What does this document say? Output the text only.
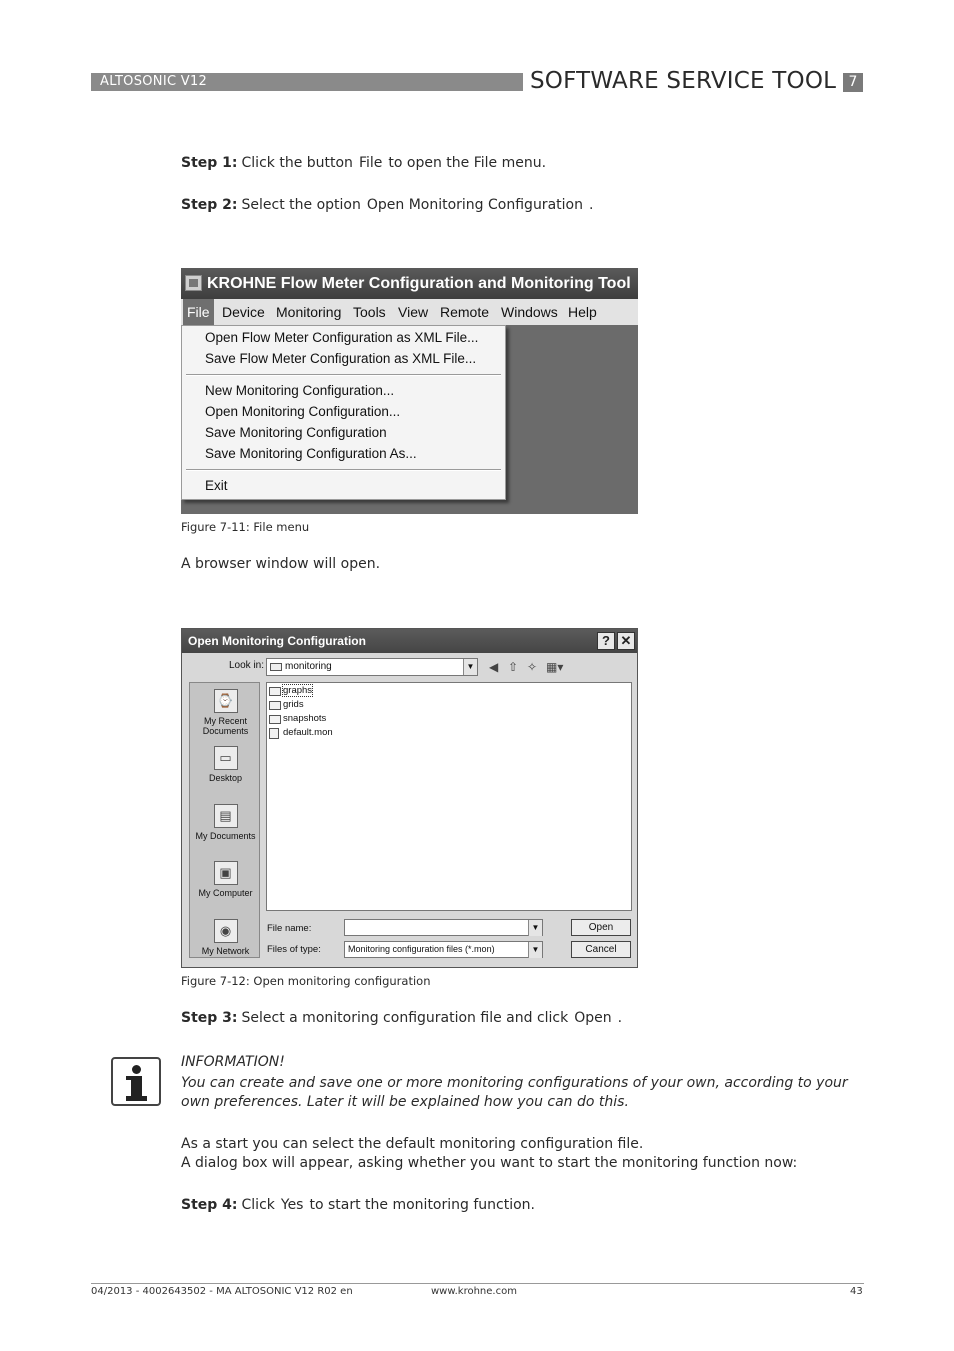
ALTOSONIC V12	SOFTWARE SERVICE TOOL 7
Step 1: Click the button File to open the File menu.
Step 2: Select the option Open Monitoring Configuration .
KROHNE Flow Meter Configuration and Monitoring Tool
File Device Monitoring Tools View Remote Windows Help
Open Flow Meter Configuration as XML File...
Save Flow Meter Configuration as XML File...
New Monitoring Configuration...
Open Monitoring Configuration...
Save Monitoring Configuration
Save Monitoring Configuration As...
Exit
Figure 7-11: File menu
A browser window will open.
Open Monitoring Configuration	? ✕
Look in:	monitoring	▼ ◀ ⇧ ✧ ▦▾
⌚
My Recent Documents
▭
Desktop
▤
My Documents
▣
My Computer
◉
My Network
graphs
grids
snapshots
default.mon
File name:	▼	Open
Files of type:	Monitoring configuration files (*.mon)	▼	Cancel
Figure 7-12: Open monitoring configuration
Step 3: Select a monitoring configuration file and click Open .
INFORMATION!
You can create and save one or more monitoring configurations of your own, according to your own preferences. Later it will be explained how you can do this.
As a start you can select the default monitoring configuration file.
A dialog box will appear, asking whether you want to start the monitoring function now:
Step 4: Click Yes to start the monitoring function.
04/2013 - 4002643502 - MA ALTOSONIC V12 R02 en	www.krohne.com	43
